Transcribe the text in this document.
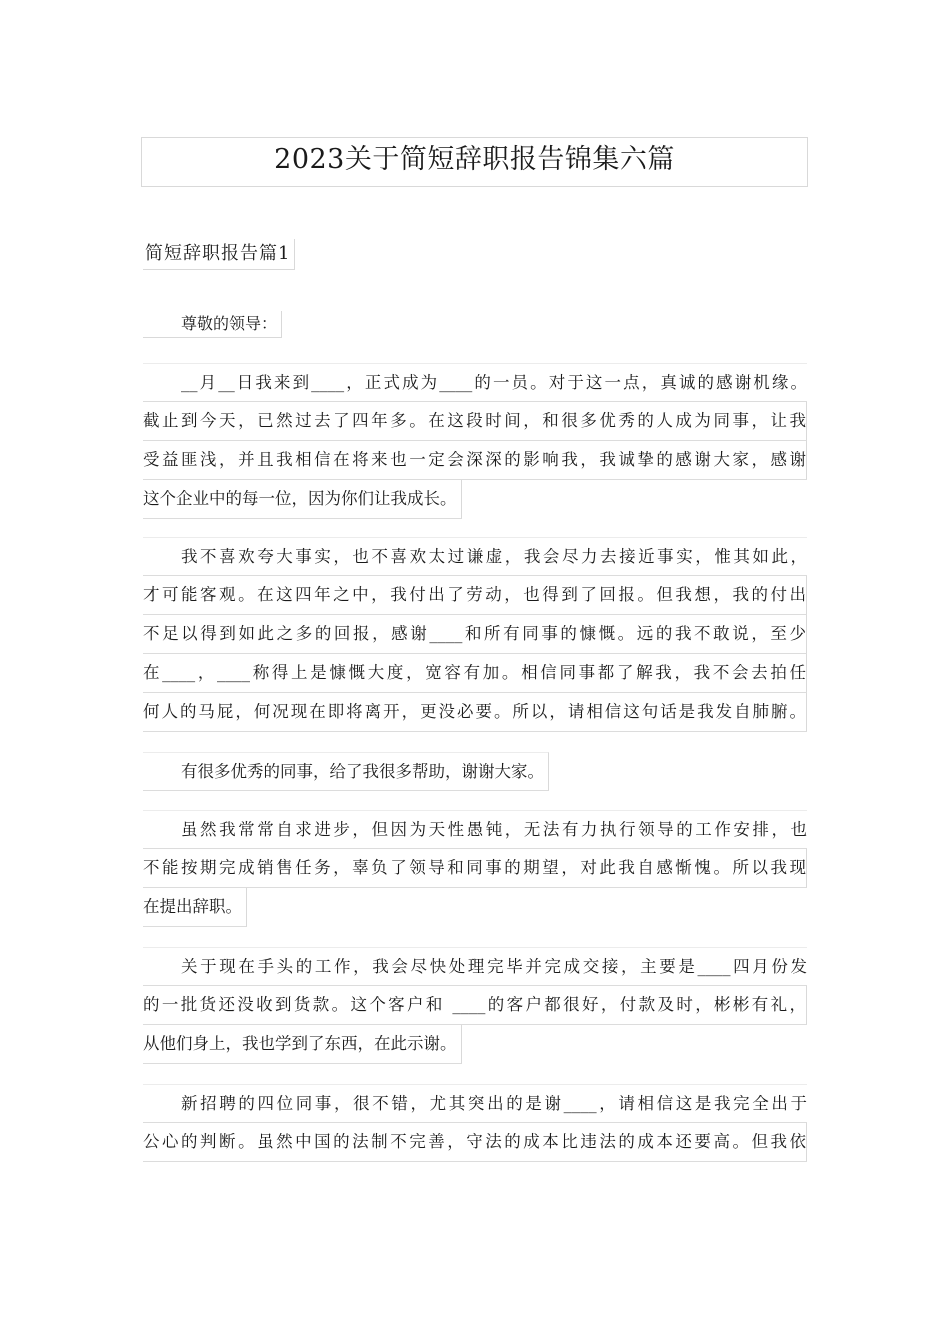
2023关于简短辞职报告锦集六篇
简短辞职报告篇1
尊敬的领导：
__月__日我来到____，正式成为____的一员。对于这一点，真诚的感谢机缘。
截止到今天，已然过去了四年多。在这段时间，和很多优秀的人成为同事，让我
受益匪浅，并且我相信在将来也一定会深深的影响我，我诚挚的感谢大家，感谢
这个企业中的每一位，因为你们让我成长。
我不喜欢夸大事实，也不喜欢太过谦虚，我会尽力去接近事实，惟其如此，
才可能客观。在这四年之中，我付出了劳动，也得到了回报。但我想，我的付出
不足以得到如此之多的回报，感谢____和所有同事的慷慨。远的我不敢说，至少
在____，____称得上是慷慨大度，宽容有加。相信同事都了解我，我不会去拍任
何人的马屁，何况现在即将离开，更没必要。所以，请相信这句话是我发自肺腑。
有很多优秀的同事，给了我很多帮助，谢谢大家。
虽然我常常自求进步，但因为天性愚钝，无法有力执行领导的工作安排，也
不能按期完成销售任务，辜负了领导和同事的期望，对此我自感惭愧。所以我现
在提出辞职。
关于现在手头的工作，我会尽快处理完毕并完成交接，主要是____四月份发
的一批货还没收到货款。这个客户和 ____的客户都很好，付款及时，彬彬有礼，
从他们身上，我也学到了东西，在此示谢。
新招聘的四位同事，很不错，尤其突出的是谢____，请相信这是我完全出于
公心的判断。虽然中国的法制不完善，守法的成本比违法的成本还要高。但我依
